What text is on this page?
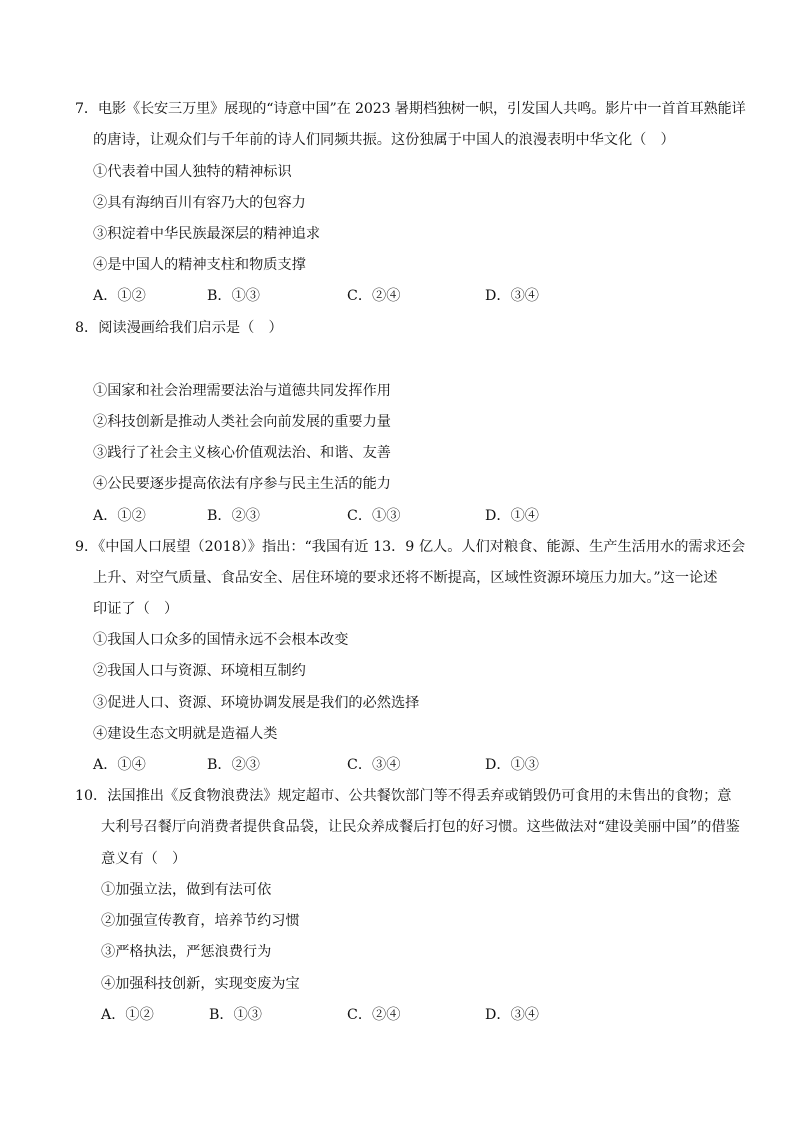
7．电影《长安三万里》展现的“诗意中国”在 2023 暑期档独树一帜，引发国人共鸣。影片中一首首耳熟能详
的唐诗，让观众们与千年前的诗人们同频共振。这份独属于中国人的浪漫表明中华文化（　）
①代表着中国人独特的精神标识
②具有海纳百川有容乃大的包容力
③积淀着中华民族最深层的精神追求
④是中国人的精神支柱和物质支撑
A．①②	B．①③	C．②④	D．③④
8．阅读漫画给我们启示是（　）
①国家和社会治理需要法治与道德共同发挥作用
②科技创新是推动人类社会向前发展的重要力量
③践行了社会主义核心价值观法治、和谐、友善
④公民要逐步提高依法有序参与民主生活的能力
A．①②	B．②③	C．①③	D．①④
9．《中国人口展望（2018）》指出：“我国有近 13．9 亿人。人们对粮食、能源、生产生活用水的需求还会
上升、对空气质量、食品安全、居住环境的要求还将不断提高，区域性资源环境压力加大。”这一论述
印证了（　）
①我国人口众多的国情永远不会根本改变
②我国人口与资源、环境相互制约
③促进人口、资源、环境协调发展是我们的必然选择
④建设生态文明就是造福人类
A．①④	B．②③	C．③④	D．①③
10．法国推出《反食物浪费法》规定超市、公共餐饮部门等不得丢弃或销毁仍可食用的未售出的食物；意
大利号召餐厅向消费者提供食品袋，让民众养成餐后打包的好习惯。这些做法对“建设美丽中国”的借鉴
意义有（　）
①加强立法，做到有法可依
②加强宣传教育，培养节约习惯
③严格执法，严惩浪费行为
④加强科技创新，实现变废为宝
A．①②	B．①③	C．②④	D．③④
